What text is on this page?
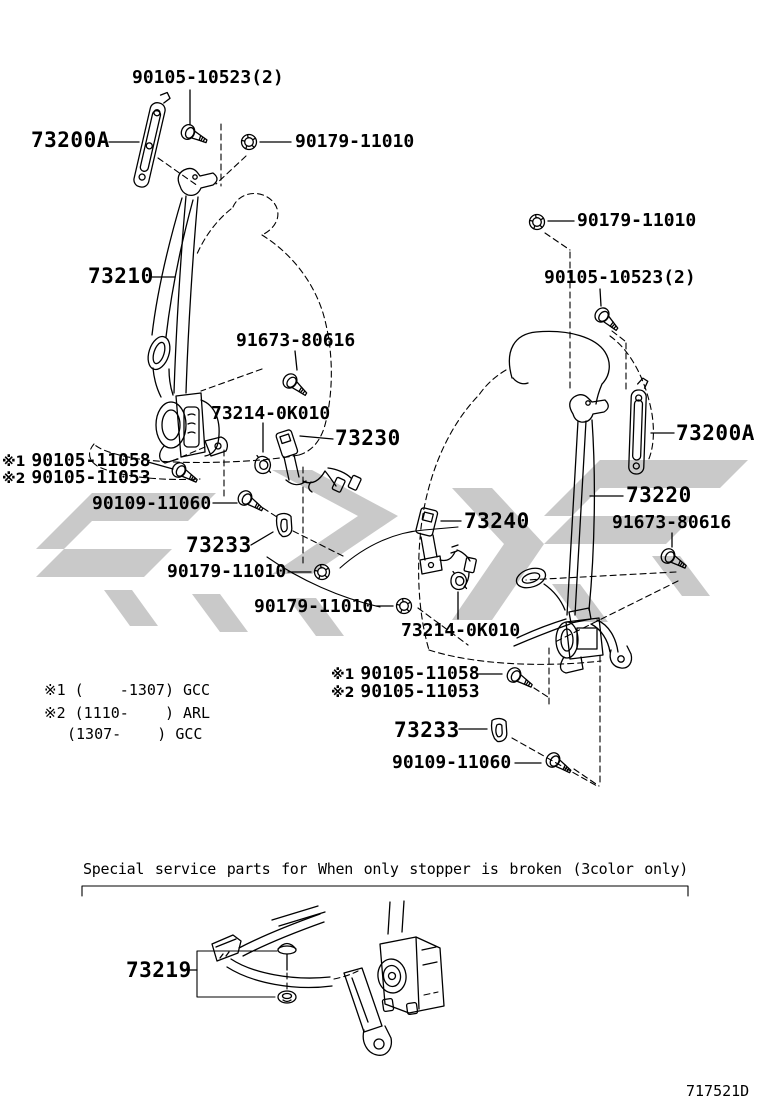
90105-10523(2)
73200A	90179-11010
73210
91673-80616
73214-0K010
73230
※1 90105-11058
※2 90105-11053
90109-11060
73233
90179-11010
90179-11010
90179-11010
90105-10523(2)
73200A
73220
91673-80616
73240
73214-0K010
※1 90105-11058
※2 90105-11053
73233
90109-11060
※1 (    -1307) GCC
※2 (1110-    ) ARL
(1307-    ) GCC
Special service parts for When only stopper is broken (3color only)
73219
717521D
